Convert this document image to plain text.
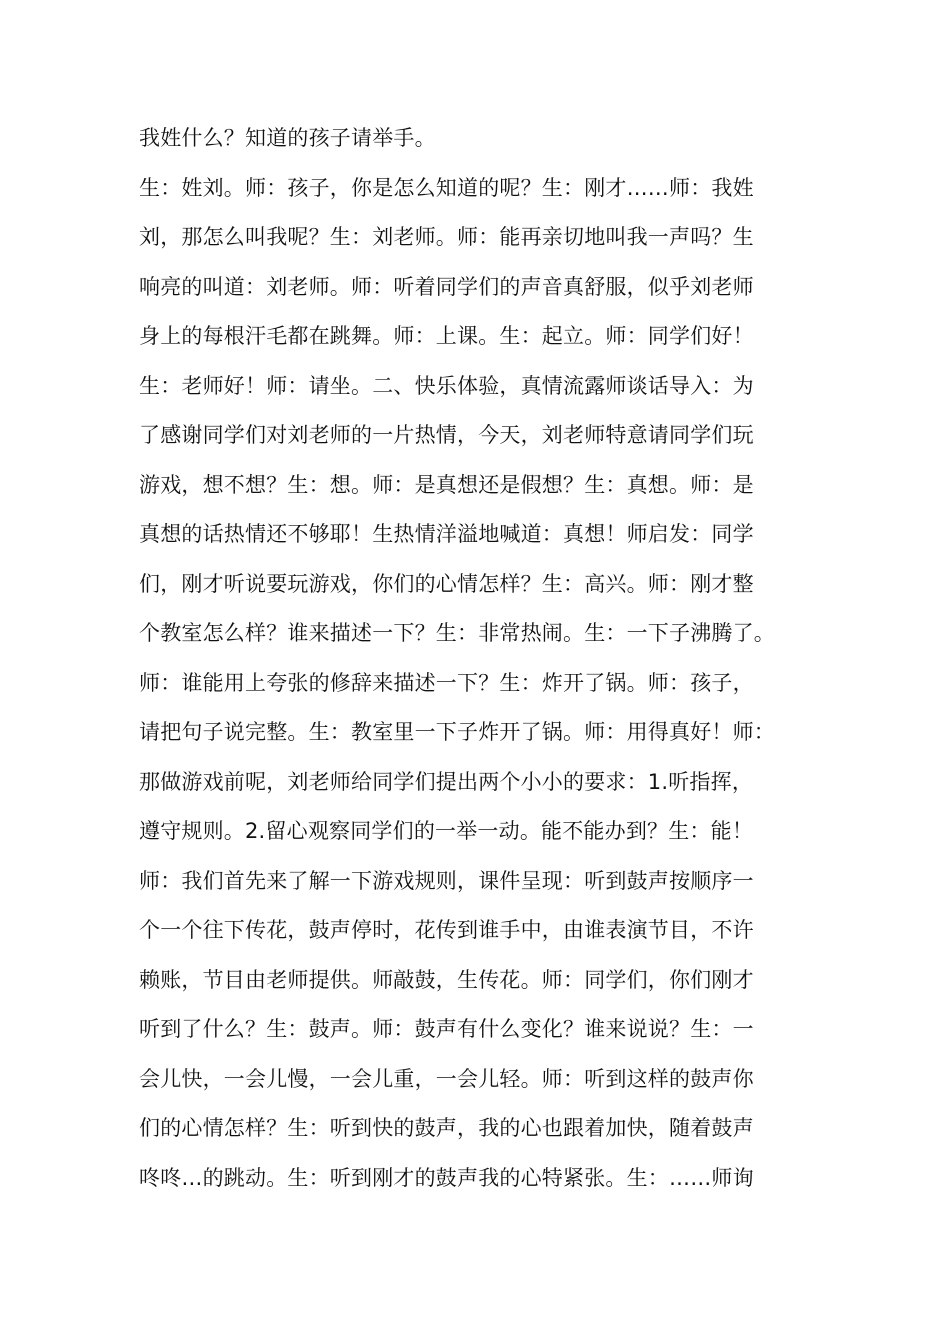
我姓什么？知道的孩子请举手。
生：姓刘。师：孩子，你是怎么知道的呢？生：刚才……师：我姓
刘，那怎么叫我呢？生：刘老师。师：能再亲切地叫我一声吗？生
响亮的叫道：刘老师。师：听着同学们的声音真舒服，似乎刘老师
身上的每根汗毛都在跳舞。师：上课。生：起立。师：同学们好！
生：老师好！师：请坐。二、快乐体验，真情流露师谈话导入：为
了感谢同学们对刘老师的一片热情，今天，刘老师特意请同学们玩
游戏，想不想？生：想。师：是真想还是假想？生：真想。师：是
真想的话热情还不够耶！生热情洋溢地喊道：真想！师启发：同学
们，刚才听说要玩游戏，你们的心情怎样？生：高兴。师：刚才整
个教室怎么样？谁来描述一下？生：非常热闹。生：一下子沸腾了。
师：谁能用上夸张的修辞来描述一下？生：炸开了锅。师：孩子，
请把句子说完整。生：教室里一下子炸开了锅。师：用得真好！师：
那做游戏前呢，刘老师给同学们提出两个小小的要求：1.听指挥，
遵守规则。2.留心观察同学们的一举一动。能不能办到？生：能！
师：我们首先来了解一下游戏规则，课件呈现：听到鼓声按顺序一
个一个往下传花，鼓声停时，花传到谁手中，由谁表演节目，不许
赖账，节目由老师提供。师敲鼓，生传花。师：同学们，你们刚才
听到了什么？生：鼓声。师：鼓声有什么变化？谁来说说？生：一
会儿快，一会儿慢，一会儿重，一会儿轻。师：听到这样的鼓声你
们的心情怎样？生：听到快的鼓声，我的心也跟着加快，随着鼓声
咚咚…的跳动。生：听到刚才的鼓声我的心特紧张。生：……师询
